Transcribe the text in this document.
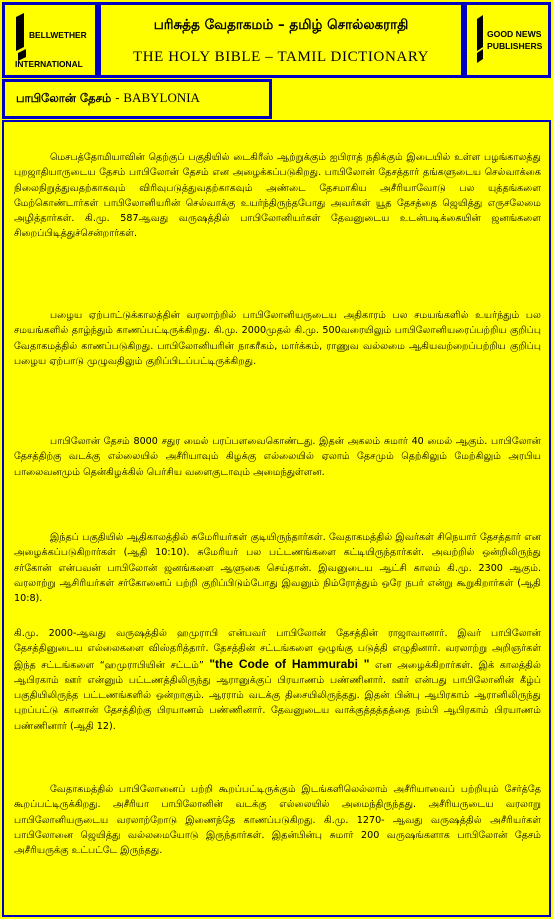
BELLWETHER
INTERNATIONAL
பரிசுத்த வேதாகமம் – தமிழ் சொல்லகராதி
THE HOLY BIBLE – TAMIL DICTIONARY
GOOD NEWS
PUBLISHERS
பாபிலோன் தேசம் - BABYLONIA

மெசபத்தோமியாவின் தெற்குப் பகுதியில் டைகிரீஸ் ஆற்றுக்கும் ஐபிராத் நதிக்கும் இடையில் உள்ள பழங்காலத்து புறஜாதியாருடைய தேசம் பாபிலோன் தேசம் என அழைக்கப்படுகிறது. பாபிலோன் தேசத்தார் தங்களுடைய செல்வாக்கை நிலைநிறுத்துவதற்காகவும் விரிவுபடுத்துவதற்காகவும் அண்டை தேசமாகிய அசீரியாவோடு பல யுத்தங்களை மேற்கொண்டார்கள் பாபிலோனியரின் செல்வாக்கு உயர்ந்திருந்தபோது அவர்கள் யூத தேசத்தை ஜெயித்து எருசலேமை அழித்தார்கள். கி.மு. 587ஆவது வருஷத்தில் பாபிலோனியர்கள் தேவனுடைய உடன்படிக்கையின் ஜனங்களை சிறைப்பிடித்துச்சென்றார்கள்.

பழைய ஏற்பாட்டுக்காலத்தின் வரலாற்றில் பாபிலோனியருடைய அதிகாரம் பல சமயங்களில் உயர்ந்தும் பல சமயங்களில் தாழ்ந்தும் காணப்பட்டிருக்கிறது. கி.மு. 2000முதல் கி.மு. 500வரையிலும் பாபிலோனியரைப்பற்றிய குறிப்பு வேதாகமத்தில் காணப்படுகிறது. பாபிலோனியரின் நாகரீகம், மார்க்கம், ராணுவ வல்லமை ஆகியவற்றைப்பற்றிய குறிப்பு பழைய ஏற்பாடு முழுவதிலும் குறிப்பிடப்பட்டிருக்கிறது.

பாபிலோன் தேசம் 8000 சதுர மைல் பரப்பளவைகொண்டது. இதன் அகலம் சுமார் 40 மைல் ஆகும். பாபிலோன் தேசத்திற்கு வடக்கு எல்லையில் அசீரியாவும் கிழக்கு எல்லையில் ஏலாம் தேசமும் தெற்கிலும் மேற்கிலும் அரபிய பாலைவனமும் தென்கிழக்கில் பெர்சிய வளைகுடாவும் அமைந்துள்ளன.

இந்தப் பகுதியில் ஆதிகாலத்தில் சுமேரியர்கள் குடியிருந்தார்கள். வேதாகமத்தில் இவர்கள் சிநெயார் தேசத்தார் என அழைக்கப்படுகிறார்கள் (ஆதி 10:10). சுமேரியர் பல பட்டணங்களை கட்டியிருந்தார்கள். அவற்றில் ஒன்றிலிருந்து சர்கோன் என்பவன் பாபிலோன் ஜனங்களை ஆளுகை செய்தான். இவனுடைய ஆட்சி காலம் கி.மு. 2300 ஆகும். வரலாற்று ஆசிரியர்கள் சர்கோனைப் பற்றி குறிப்பிடும்போது இவனும் நிம்ரோத்தும் ஒரே நபர் என்று கூறுகிறார்கள் (ஆதி 10:8).

கி.மு. 2000-ஆவது வருஷத்தில் ஹமுராபி என்பவர் பாபிலோன் தேசத்தின் ராஜாவானார். இவர் பாபிலோன் தேசத்தினுடைய எல்லைகளை விஸ்தரித்தார். தேசத்தின் சட்டங்களை ஒழுங்கு படுத்தி எழுதினார். வரலாற்று அறிஞர்கள் இந்த சட்டங்களை “ஹமுராபியின் சட்டம்” "the Code of Hammurabi " என அழைக்கிறார்கள். இக் காலத்தில் ஆபிரகாம் ஊர் என்னும் பட்டணத்திலிருந்து ஆரானுக்குப் பிரயாணம் பண்ணினார். ஊர் என்பது பாபிலோனின் கீழ்ப் பகுதியிலிருந்த பட்டணங்களில் ஒன்றாகும். ஆரராம் வடக்கு திசையிலிருந்தது. இதன் பின்பு ஆபிரகாம் ஆரானிலிருந்து புறப்பட்டு கானான் தேசத்திற்கு பிரயாணம் பண்ணினார். தேவனுடைய வாக்குத்தத்தத்தை நம்பி ஆபிரகாம் பிரயாணம் பண்ணினார் (ஆதி 12).

வேதாகமத்தில் பாபிலோனைப் பற்றி கூறப்பட்டிருக்கும் இடங்களிலெல்லாம் அசீரியாவைப் பற்றியும் சேர்த்தே கூறப்பட்டிருக்கிறது. அசீரியா பாபிலோனின் வடக்கு எல்லையில் அமைந்திருந்தது. அசீரியருடைய வரலாறு பாபிலோனியருடைய வரலாற்றோடு இணைந்தே காணப்படுகிறது. கி.மு. 1270- ஆவது வருஷத்தில் அசீரியர்கள் பாபிலோனை ஜெயித்து வல்லமையோடு இருந்தார்கள். இதன்பின்பு சுமார் 200 வருஷங்களாக பாபிலோன் தேசம் அசீரியருக்கு உட்பட்டே இருந்தது.
